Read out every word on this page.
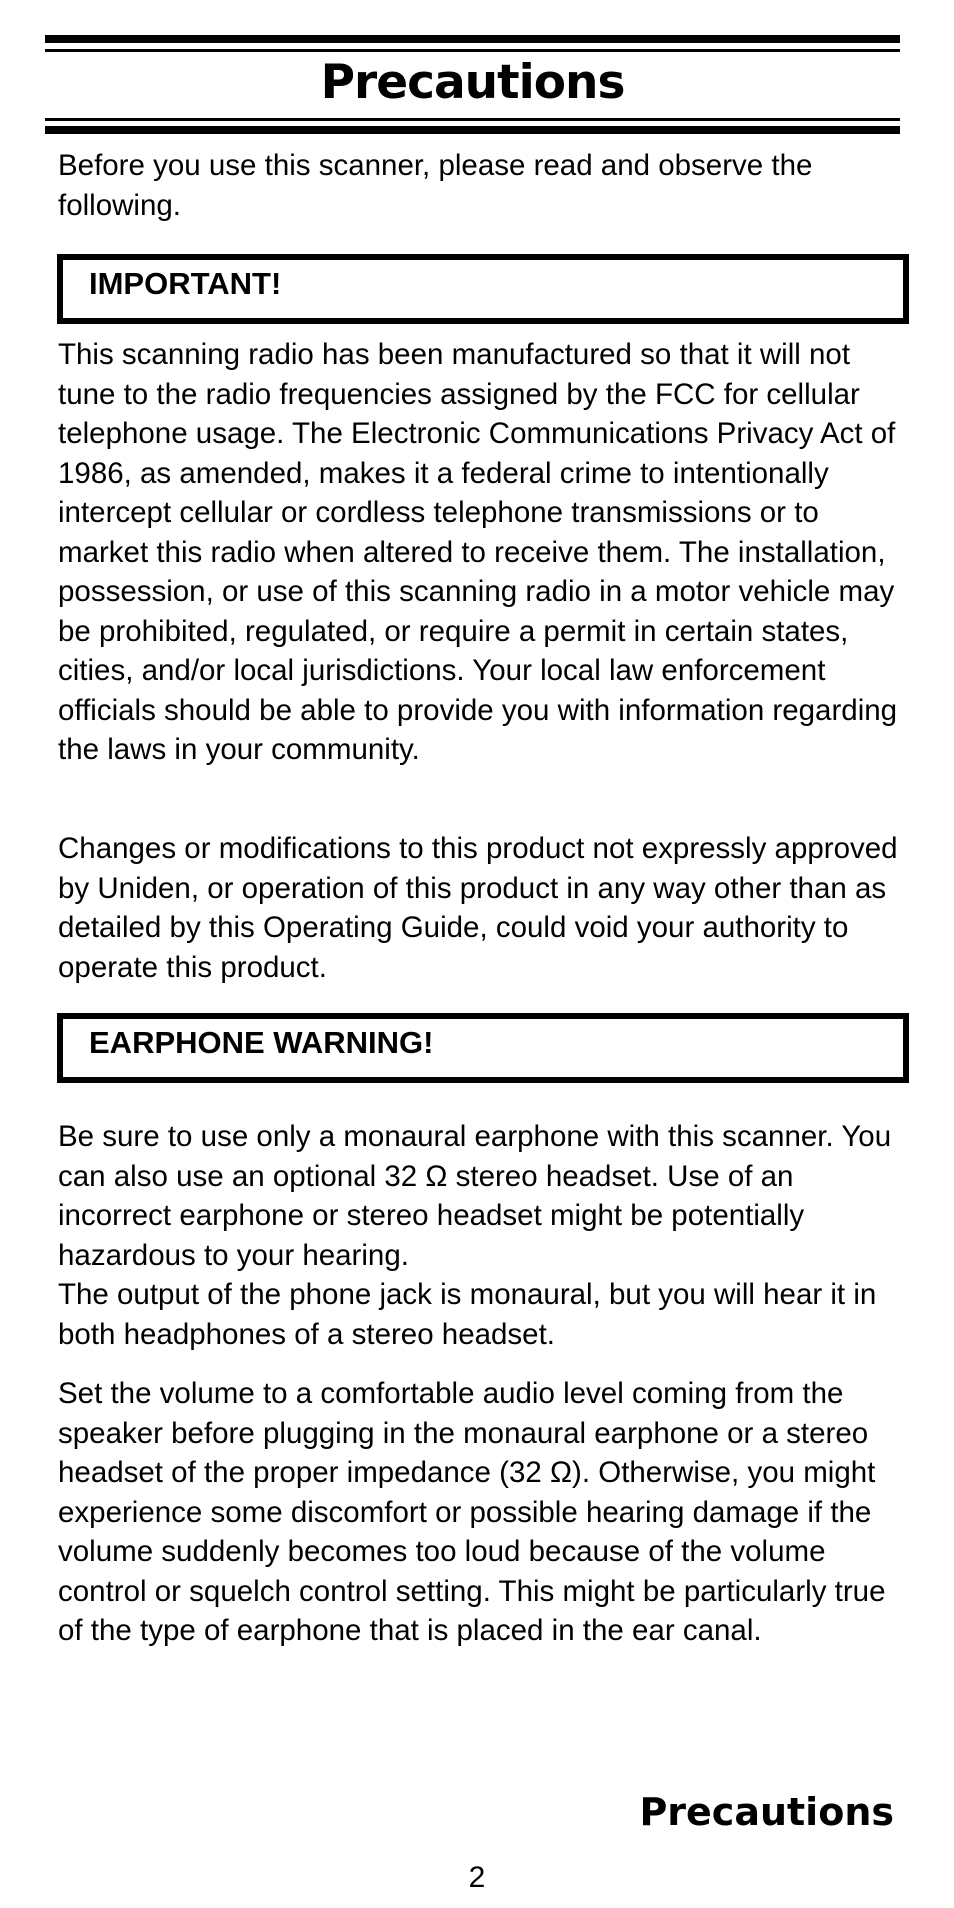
Precautions

Before you use this scanner, please read and observe the following.

IMPORTANT!

This scanning radio has been manufactured so that it will not tune to the radio frequencies assigned by the FCC for cellular telephone usage. The Electronic Communications Privacy Act of 1986, as amended, makes it a federal crime to intentionally intercept cellular or cordless telephone transmissions or to market this radio when altered to receive them. The installation, possession, or use of this scanning radio in a motor vehicle may be prohibited, regulated, or require a permit in certain states, cities, and/or local jurisdictions. Your local law enforcement officials should be able to provide you with information regarding the laws in your community.

Changes or modifications to this product not expressly approved by Uniden, or operation of this product in any way other than as detailed by this Operating Guide, could void your authority to operate this product.

EARPHONE WARNING!

Be sure to use only a monaural earphone with this scanner. You can also use an optional 32 Ω stereo headset. Use of an incorrect earphone or stereo headset might be potentially hazardous to your hearing.

The output of the phone jack is monaural, but you will hear it in both headphones of a stereo headset.

Set the volume to a comfortable audio level coming from the speaker before plugging in the monaural earphone or a stereo headset of the proper impedance (32 Ω). Otherwise, you might experience some discomfort or possible hearing damage if the volume suddenly becomes too loud because of the volume control or squelch control setting. This might be particularly true of the type of earphone that is placed in the ear canal.

Precautions
2
